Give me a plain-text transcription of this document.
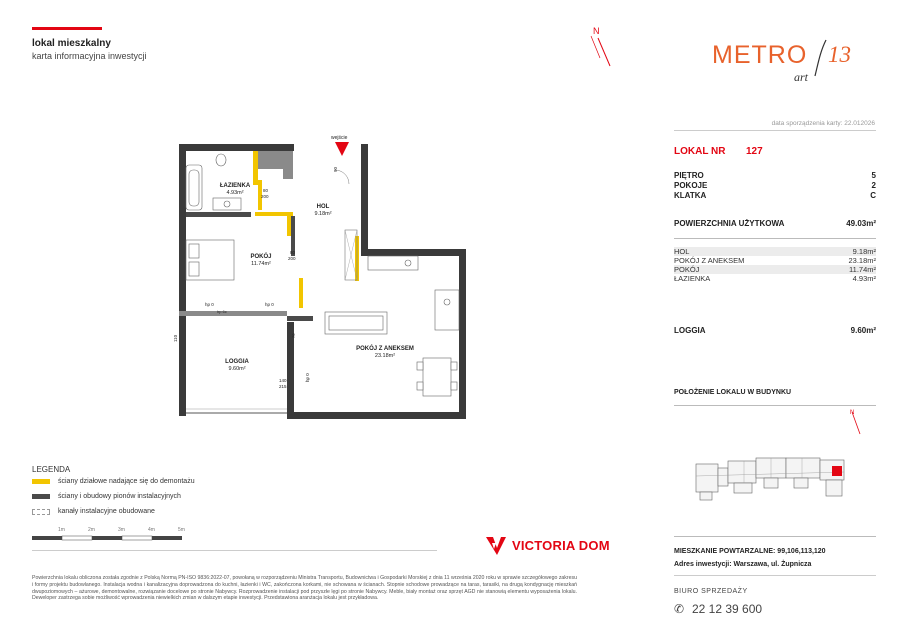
lokal mieszkalny
karta informacyjna inwestycji
N
METRO 13
art
data sporządzenia karty: 22.012026
LOKAL NR 127
PIĘTRO	5
POKOJE	2
KLATKA	C
POWIERZCHNIA UŻYTKOWA	49.03m²
HOL	9.18m²
POKÓJ Z ANEKSEM	23.18m²
POKÓJ	11.74m²
ŁAZIENKA	4.93m²
LOGGIA	9.60m²
POŁOŻENIE LOKALU W BUDYNKU
N
MIESZKANIE POWTARZALNE: 99,106,113,120
Adres inwestycji: Warszawa, ul. Żupnicza
BIURO SPRZEDAŻY
✆ 22 12 39 600
wejście
ŁAZIENKA
4.93m²
HOL
9.18m²
80
200
80
200
90
POKÓJ
11.74m²
hp 0	hp 0
hp 6c
POKÓJ Z ANEKSEM
23.18m²
LOGGIA
9.60m²
110
140
215
hp 0
70
LEGENDA
ściany działowe nadające się do demontażu
ściany i obudowy pionów instalacyjnych
kanały instalacyjne obudowane
1m	2m	3m	4m	5m
VICTORIA DOM
Powierzchnia lokalu obliczona została zgodnie z Polską Normą PN-ISO 9836:2022-07, powołaną w rozporządzeniu Ministra Transportu, Budownictwa i Gospodarki Morskiej z dnia 11 września 2020 roku w sprawie szczegółowego zakresu i formy projektu budowlanego. Instalacja wodna i kanalizacyjna doprowadzona do kuchni, łazienki i WC, zakończona korkami, nie schowana w ścianach. Stopnie schodowe prowadzące na taras, tarasiki, na drugą kondygnację mieszkań dwupoziomowych – ażurowe, demontowalne, rozwiązanie docelowe po stronie Nabywcy. Rozprowadzenie instalacji pod przyszłe lęgi po stronie Nabywcy. Meble, biały montaż oraz sprzęt AGD nie stanowią elementu wyposażenia lokalu. Deweloper zastrzega sobie możliwość wprowadzenia niewielkich zmian w dalszym etapie inwestycji. Przedstawiona aranżacja lokalu jest przykładowa.
